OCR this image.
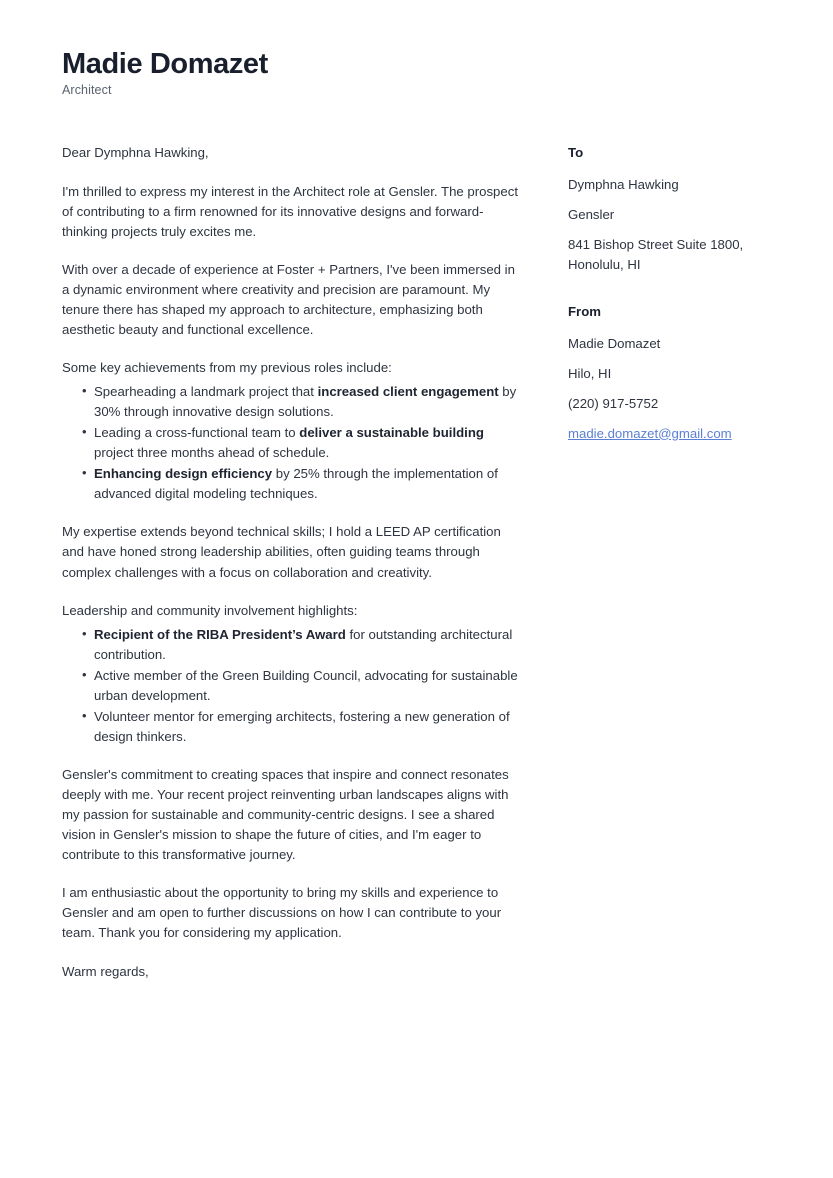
Madie Domazet

Architect

Dear Dymphna Hawking,

I'm thrilled to express my interest in the Architect role at Gensler. The prospect of contributing to a firm renowned for its innovative designs and forward-thinking projects truly excites me.

With over a decade of experience at Foster + Partners, I've been immersed in a dynamic environment where creativity and precision are paramount. My tenure there has shaped my approach to architecture, emphasizing both aesthetic beauty and functional excellence.

Some key achievements from my previous roles include:

• Spearheading a landmark project that increased client engagement by 30% through innovative design solutions.
• Leading a cross-functional team to deliver a sustainable building project three months ahead of schedule.
• Enhancing design efficiency by 25% through the implementation of advanced digital modeling techniques.

My expertise extends beyond technical skills; I hold a LEED AP certification and have honed strong leadership abilities, often guiding teams through complex challenges with a focus on collaboration and creativity.

Leadership and community involvement highlights:

• Recipient of the RIBA President’s Award for outstanding architectural contribution.
• Active member of the Green Building Council, advocating for sustainable urban development.
• Volunteer mentor for emerging architects, fostering a new generation of design thinkers.

Gensler's commitment to creating spaces that inspire and connect resonates deeply with me. Your recent project reinventing urban landscapes aligns with my passion for sustainable and community-centric designs. I see a shared vision in Gensler's mission to shape the future of cities, and I'm eager to contribute to this transformative journey.

I am enthusiastic about the opportunity to bring my skills and experience to Gensler and am open to further discussions on how I can contribute to your team. Thank you for considering my application.

Warm regards,

To

Dymphna Hawking

Gensler

841 Bishop Street Suite 1800,
Honolulu, HI

From

Madie Domazet

Hilo, HI

(220) 917-5752

madie.domazet@gmail.com
